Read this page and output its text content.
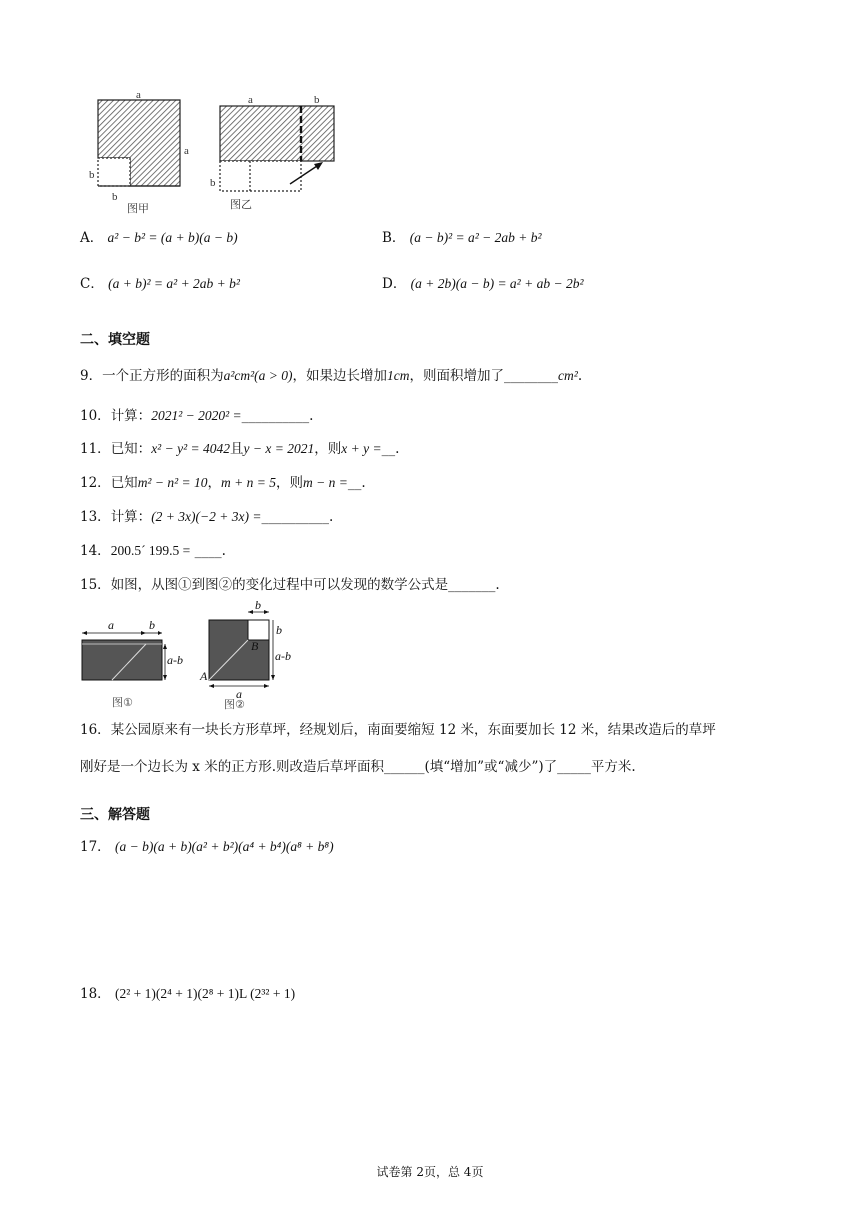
a
a
b
b
图甲
a	b
b
图乙
A． a² − b² = (a + b)(a − b)	B． (a − b)² = a² − 2ab + b²
C． (a + b)² = a² + 2ab + b²	D． (a + 2b)(a − b) = a² + ab − 2b²
二、填空题
9．一个正方形的面积为a²cm²(a > 0)，如果边长增加1cm，则面积增加了________cm².
10．计算：2021² − 2020² =__________.
11．已知：x² − y² = 4042且y − x = 2021，则x + y =__.
12．已知m² − n² = 10，m + n = 5，则m − n =__.
13．计算：(2 + 3x)(−2 + 3x) =__________.
14．200.5´ 199.5 = ____.
15．如图，从图①到图②的变化过程中可以发现的数学公式是_______.
a	b
a-b
图①
b
b
a-b
A
B
a
图②
16．某公园原来有一块长方形草坪，经规划后，南面要缩短 12 米，东面要加长 12 米，结果改造后的草坪
刚好是一个边长为 x 米的正方形.则改造后草坪面积______(填“增加”或“减少”)了_____平方米.
三、解答题
17． (a − b)(a + b)(a² + b²)(a⁴ + b⁴)(a⁸ + b⁸)
18． (2² + 1)(2⁴ + 1)(2⁸ + 1)L (2³² + 1)
试卷第 2页，总 4页
